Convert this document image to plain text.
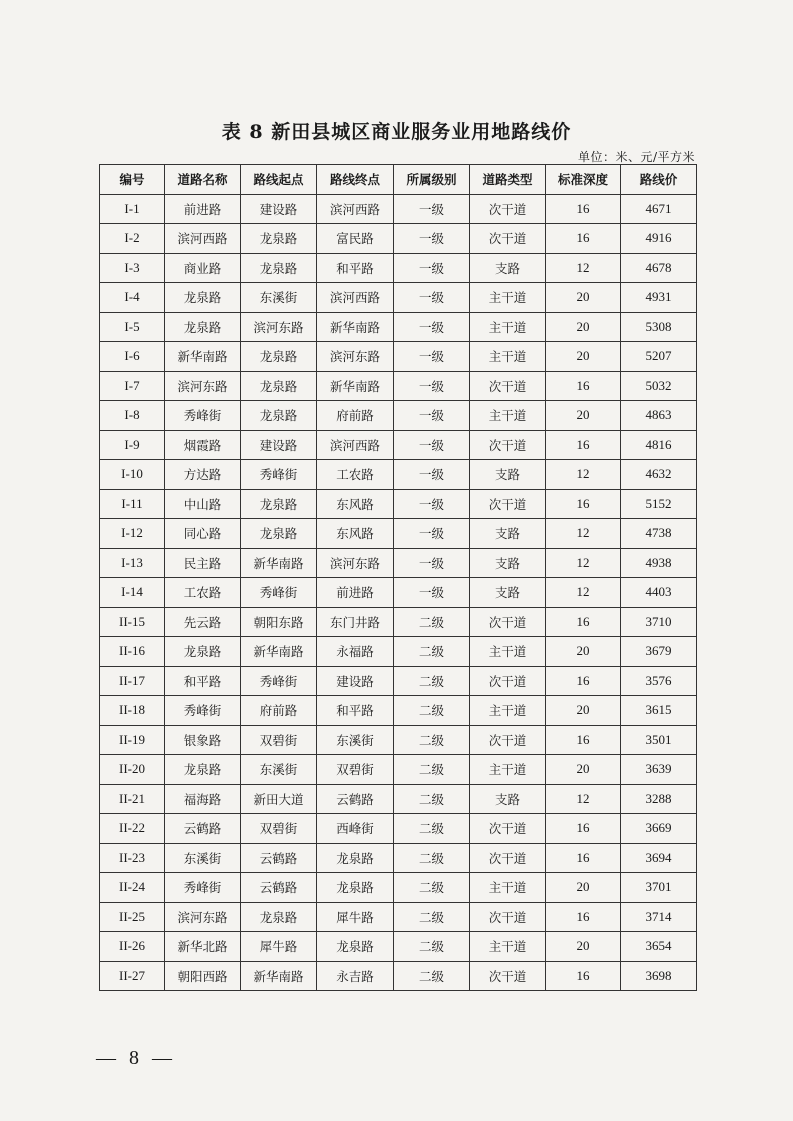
表 8 新田县城区商业服务业用地路线价
单位：米、元/平方米
编号	道路名称	路线起点	路线终点	所属级别	道路类型	标准深度	路线价
I-1	前进路	建设路	滨河西路	一级	次干道	16	4671
I-2	滨河西路	龙泉路	富民路	一级	次干道	16	4916
I-3	商业路	龙泉路	和平路	一级	支路	12	4678
I-4	龙泉路	东溪街	滨河西路	一级	主干道	20	4931
I-5	龙泉路	滨河东路	新华南路	一级	主干道	20	5308
I-6	新华南路	龙泉路	滨河东路	一级	主干道	20	5207
I-7	滨河东路	龙泉路	新华南路	一级	次干道	16	5032
I-8	秀峰街	龙泉路	府前路	一级	主干道	20	4863
I-9	烟霞路	建设路	滨河西路	一级	次干道	16	4816
I-10	方达路	秀峰街	工农路	一级	支路	12	4632
I-11	中山路	龙泉路	东风路	一级	次干道	16	5152
I-12	同心路	龙泉路	东风路	一级	支路	12	4738
I-13	民主路	新华南路	滨河东路	一级	支路	12	4938
I-14	工农路	秀峰街	前进路	一级	支路	12	4403
II-15	先云路	朝阳东路	东门井路	二级	次干道	16	3710
II-16	龙泉路	新华南路	永福路	二级	主干道	20	3679
II-17	和平路	秀峰街	建设路	二级	次干道	16	3576
II-18	秀峰街	府前路	和平路	二级	主干道	20	3615
II-19	银象路	双碧街	东溪街	二级	次干道	16	3501
II-20	龙泉路	东溪街	双碧街	二级	主干道	20	3639
II-21	福海路	新田大道	云鹤路	二级	支路	12	3288
II-22	云鹤路	双碧街	西峰街	二级	次干道	16	3669
II-23	东溪街	云鹤路	龙泉路	二级	次干道	16	3694
II-24	秀峰街	云鹤路	龙泉路	二级	主干道	20	3701
II-25	滨河东路	龙泉路	犀牛路	二级	次干道	16	3714
II-26	新华北路	犀牛路	龙泉路	二级	主干道	20	3654
II-27	朝阳西路	新华南路	永吉路	二级	次干道	16	3698
— 8 —
